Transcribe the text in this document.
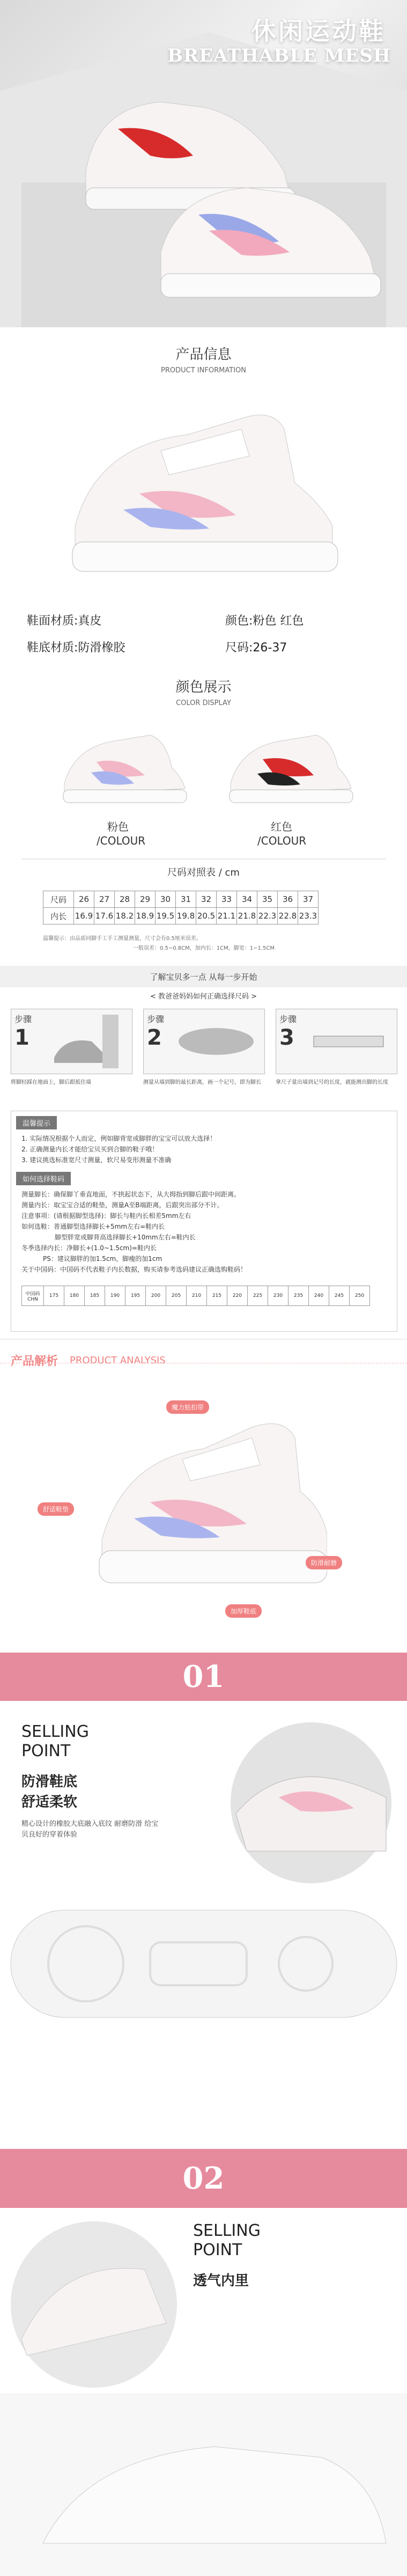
休闲运动鞋
BREATHABLE MESH
产品信息
PRODUCT INFORMATION
鞋面材质:真皮	颜色:粉色 红色
鞋底材质:防滑橡胶	尺码:26-37
颜色展示
COLOR DISPLAY
粉色
/COLOUR
红色
/COLOUR
尺码对照表 / cm
尺码	26	27	28	29	30	31	32	33	34	35	36	37
内长	16.9	17.6	18.2	18.9	19.5	19.8	20.5	21.1	21.8	22.3	22.8	23.3
温馨提示：由品质同脚手工手工测量测量，尺寸会有0.5厘米误差。
一般误差：0.5~0.8CM，加内长：1CM，脚宽：1~1.5CM
了解宝贝多一点 从每一步开始
< 教爸爸妈妈如何正确选择尺码 >
步骤
1
步骤
2
步骤
3
将脚轻踩在地面上，脚后跟抵住墙	测量从墙到脚的最长距离，画一个记号，即为脚长	拿尺子量出墙到记号的长度，就能测出脚的长度
温馨提示
1. 实际情况根据个人而定，例如脚背宽或脚胖的宝宝可以放大选择！
2. 正确测量内长才能给宝贝买到合脚的鞋子哦！
3. 建议挑选标准宽尺寸测量，软尺易变形测量不准确
如何选择鞋码
测量脚长：确保脚丫垂直地面，不拱起状态下，从大拇指到脚后跟中间距离。
测量内长：取宝宝合适的鞋垫，测量A至B端距离，后跟突出部分不计。
注意事项：(请根据脚型选择)：脚长与鞋内长相差5mm左右
如何选鞋：普通脚型选择脚长+5mm左右=鞋内长
脚型胖宽或脚背高选择脚长+10mm左右=鞋内长
冬季选择内长：净脚长+(1.0~1.5cm)=鞋内长
PS：建议脚胖的加1.5cm，脚瘦的加1cm
关于中国码：中国码不代表鞋子内长数据，购买请参考选码建议正确选购鞋码！
中国码CHN	175	180	185	190	195	200	205	210	215	220	225	230	235	240	245	250
产品解析 PRODUCT ANALYSIS
魔力贴扣带
舒适鞋垫
防滑耐磨
加厚鞋底
01
SELLING POINT
防滑鞋底
舒适柔软
精心设计的橡胶大底融入底纹 耐磨防滑 给宝贝良好的穿着体验
02
SELLING POINT
透气内里
